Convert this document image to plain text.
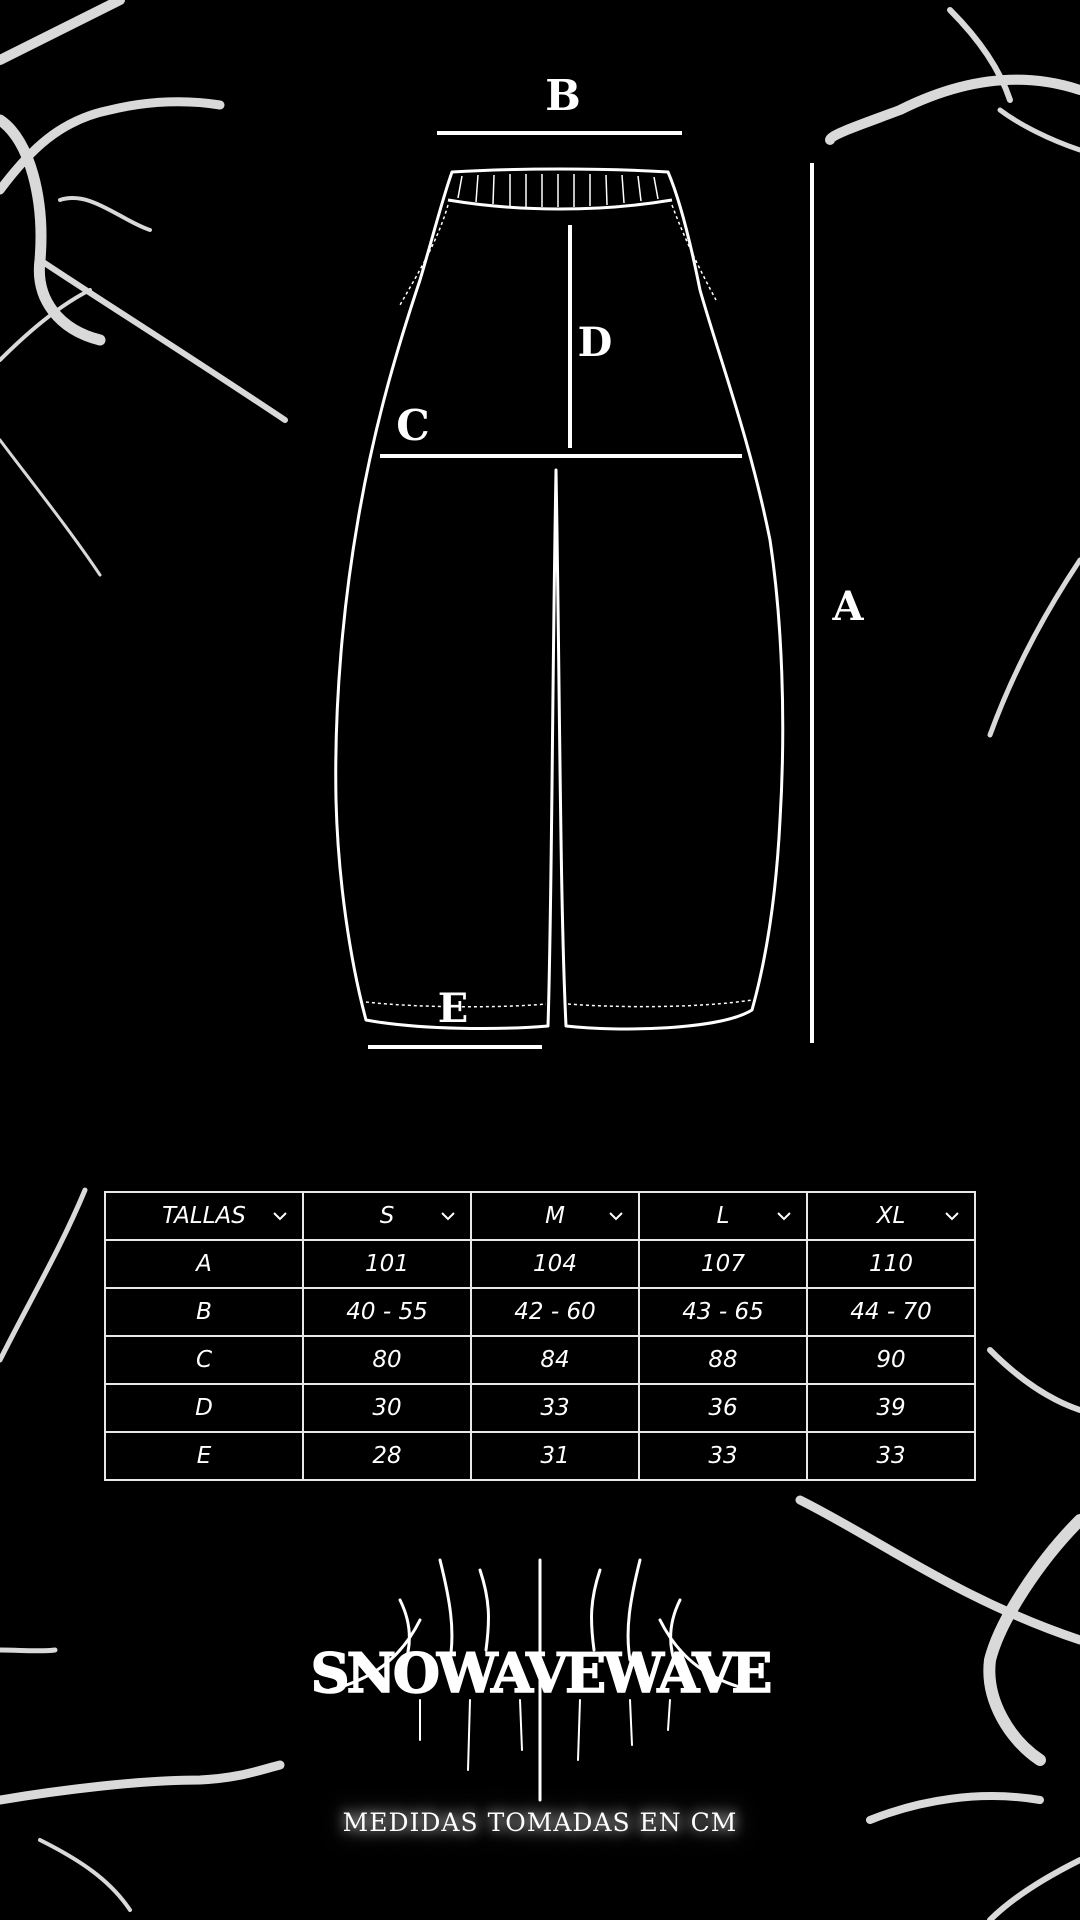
B
D
C
A
E
SNOWAVEWAVE
TALLAS	S	M	L	XL

A	101	104	107	110
B	40 - 55	42 - 60	43 - 65	44 - 70
C	80	84	88	90
D	30	33	36	39
E	28	31	33	33
MEDIDAS TOMADAS EN CM
